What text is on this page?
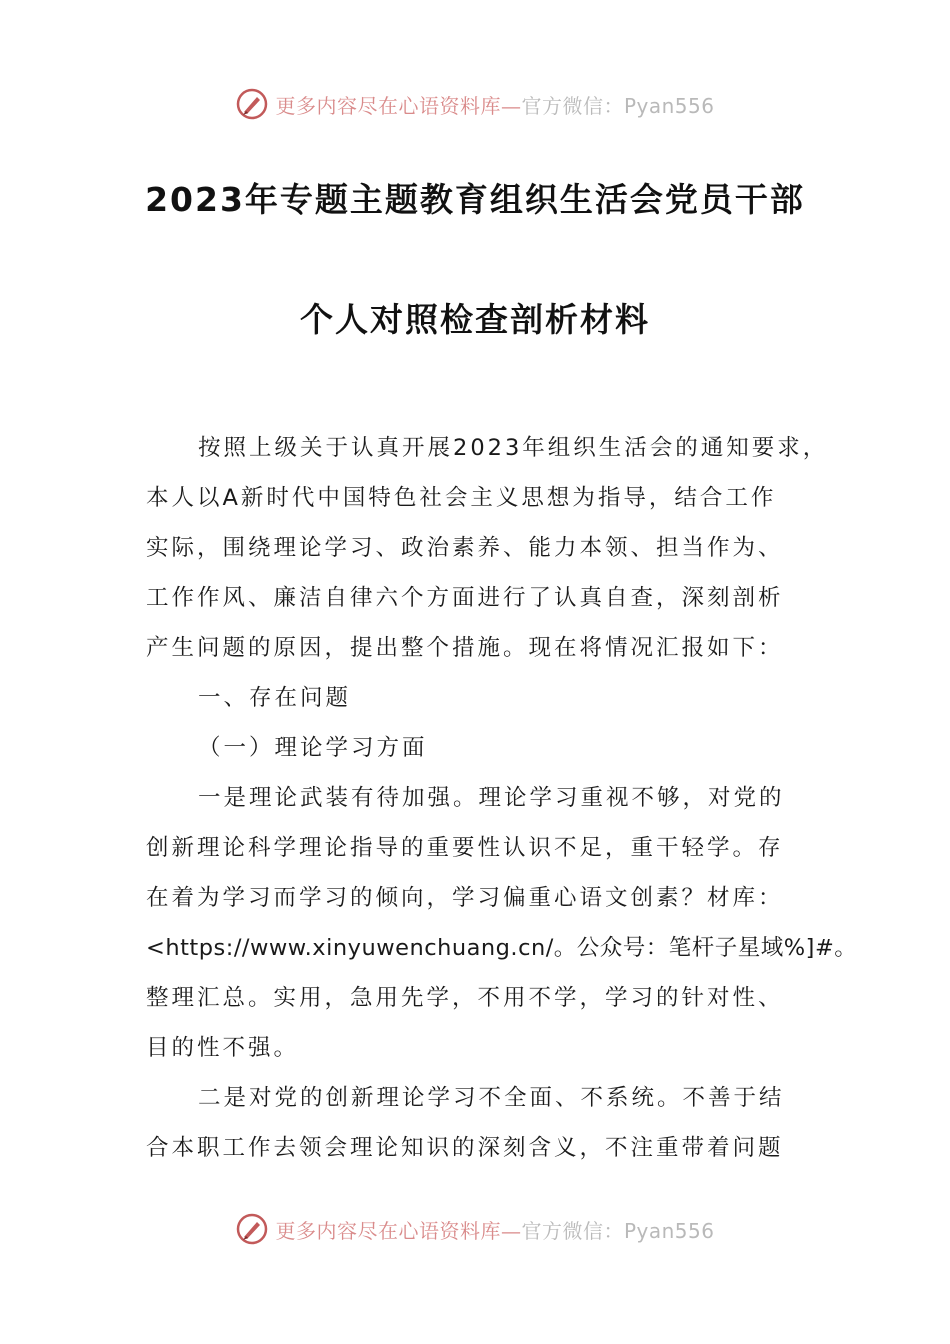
更多内容尽在心语资料库—官方微信：Pyan556
2023年专题主题教育组织生活会党员干部
个人对照检查剖析材料
按照上级关于认真开展2023年组织生活会的通知要求，
本人以A新时代中国特色社会主义思想为指导，结合工作
实际，围绕理论学习、政治素养、能力本领、担当作为、
工作作风、廉洁自律六个方面进行了认真自查，深刻剖析
产生问题的原因，提出整个措施。现在将情况汇报如下：
一、存在问题
（一）理论学习方面
一是理论武装有待加强。理论学习重视不够，对党的
创新理论科学理论指导的重要性认识不足，重干轻学。存
在着为学习而学习的倾向，学习偏重心语文创素？材库：
<https://www.xinyuwenchuang.cn/。公众号：笔杆子星域%]#。
整理汇总。实用，急用先学，不用不学，学习的针对性、
目的性不强。
二是对党的创新理论学习不全面、不系统。不善于结
合本职工作去领会理论知识的深刻含义，不注重带着问题
更多内容尽在心语资料库—官方微信：Pyan556
